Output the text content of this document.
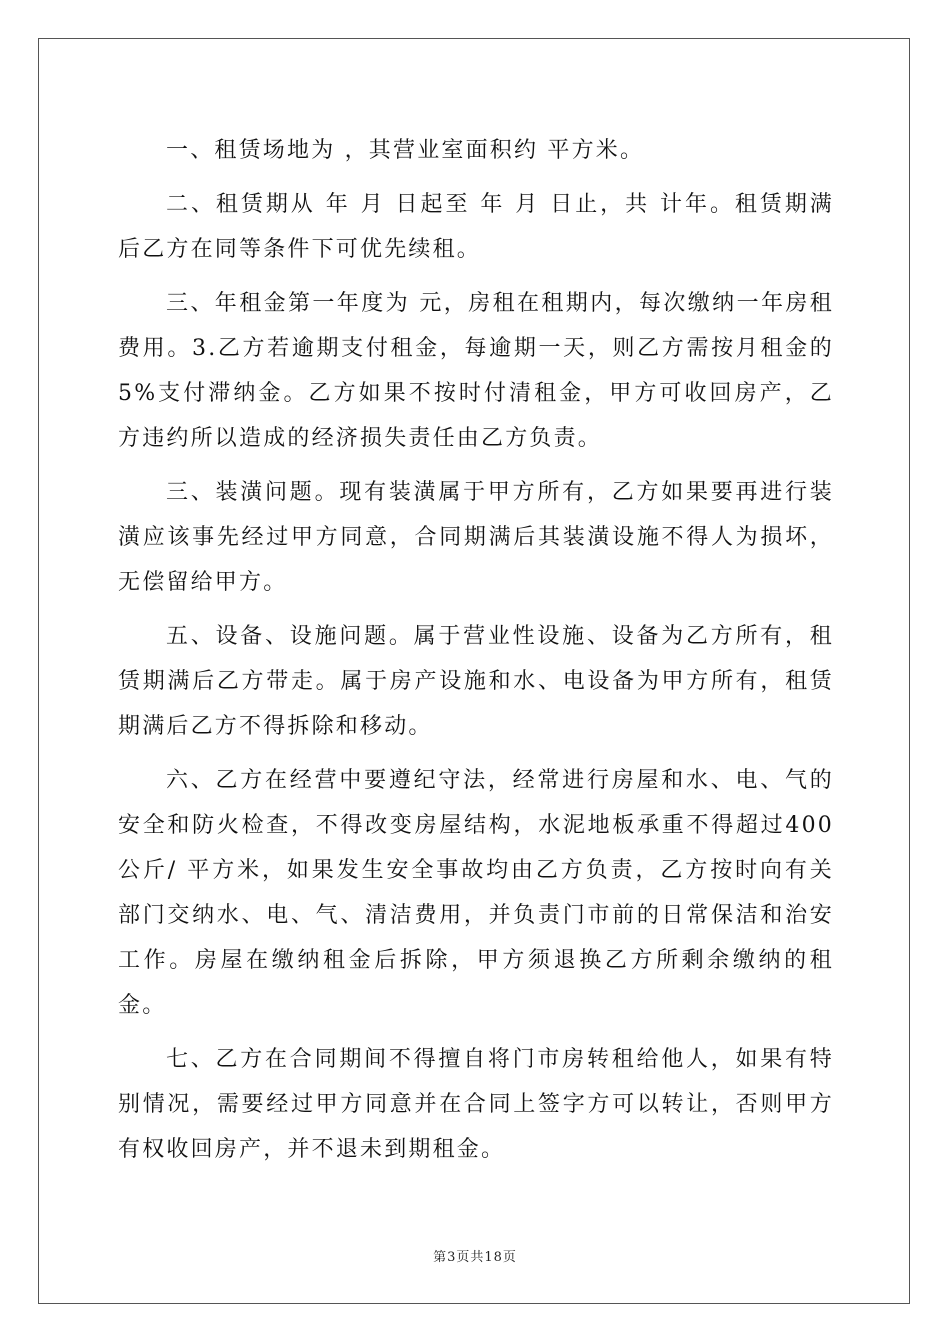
一、租赁场地为 ，其营业室面积约 平方米。

二、租赁期从 年 月 日起至 年 月 日止，共 计年。租赁期满后乙方在同等条件下可优先续租。

三、年租金第一年度为 元，房租在租期内，每次缴纳一年房租费用。3.乙方若逾期支付租金，每逾期一天，则乙方需按月租金的5%支付滞纳金。乙方如果不按时付清租金，甲方可收回房产，乙方违约所以造成的经济损失责任由乙方负责。

三、装潢问题。现有装潢属于甲方所有，乙方如果要再进行装潢应该事先经过甲方同意，合同期满后其装潢设施不得人为损坏，无偿留给甲方。

五、设备、设施问题。属于营业性设施、设备为乙方所有，租赁期满后乙方带走。属于房产设施和水、电设备为甲方所有，租赁期满后乙方不得拆除和移动。

六、乙方在经营中要遵纪守法，经常进行房屋和水、电、气的安全和防火检查，不得改变房屋结构，水泥地板承重不得超过400 公斤/ 平方米，如果发生安全事故均由乙方负责，乙方按时向有关部门交纳水、电、气、清洁费用，并负责门市前的日常保洁和治安工作。房屋在缴纳租金后拆除，甲方须退换乙方所剩余缴纳的租金。

七、乙方在合同期间不得擅自将门市房转租给他人，如果有特别情况，需要经过甲方同意并在合同上签字方可以转让，否则甲方有权收回房产，并不退未到期租金。

第3页共18页
